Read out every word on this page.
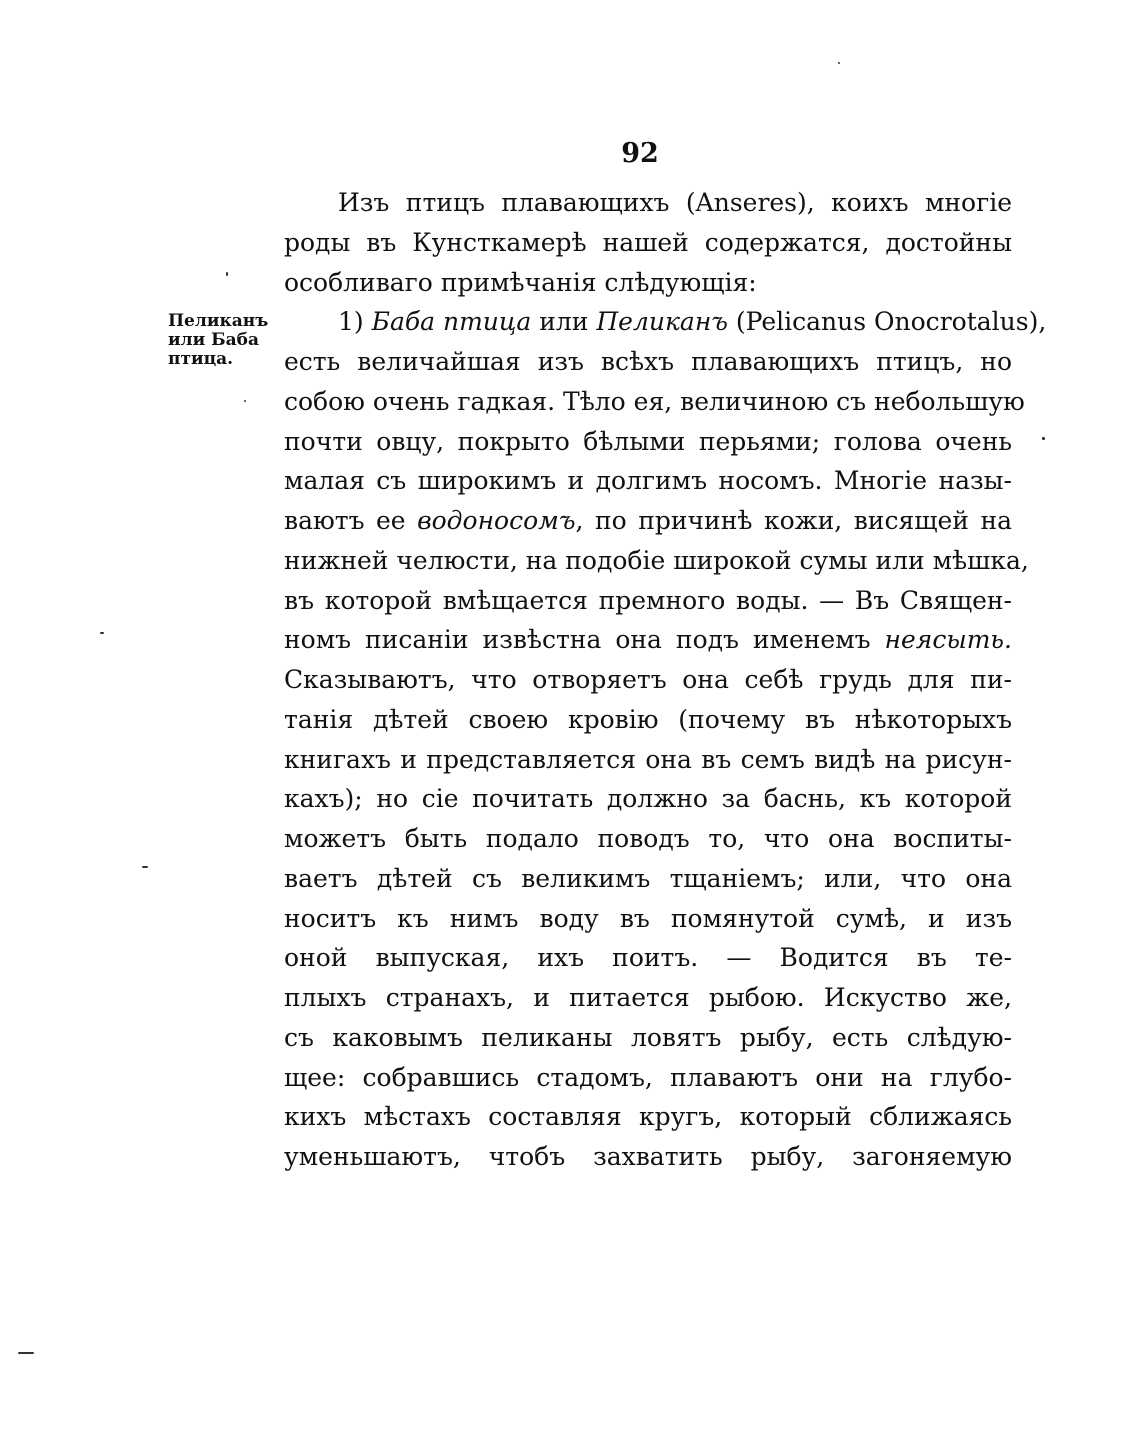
92
Пеликанъ
или Баба
птица.
Изъ птицъ плавающихъ (Anseres), коихъ многіе
роды въ Кунсткамерѣ нашей содержатся, достойны
особливаго примѣчанія слѣдующія:
1) Баба птица или Пеликанъ (Pelicanus Onocrotalus),
есть величайшая изъ всѣхъ плавающихъ птицъ, но
собою очень гадкая. Тѣло ея, величиною съ небольшую
почти овцу, покрыто бѣлыми перьями; голова очень
малая съ широкимъ и долгимъ носомъ. Многіе назы-
ваютъ ее водоносомъ, по причинѣ кожи, висящей на
нижней челюсти, на подобіе широкой сумы или мѣшка,
въ которой вмѣщается премного воды. — Въ Священ-
номъ писаніи извѣстна она подъ именемъ неясыть.
Сказываютъ, что отворяетъ она себѣ грудь для пи-
танія дѣтей своею кровію (почему въ нѣкоторыхъ
книгахъ и представляется она въ семъ видѣ на рисун-
кахъ); но сіе почитать должно за баснь, къ которой
можетъ быть подало поводъ то, что она воспиты-
ваетъ дѣтей съ великимъ тщаніемъ; или, что она
носитъ къ нимъ воду въ помянутой сумѣ, и изъ
оной выпуская, ихъ поитъ. — Водится въ те-
плыхъ странахъ, и питается рыбою. Искуство же,
съ каковымъ пеликаны ловятъ рыбу, есть слѣдую-
щее: собравшись стадомъ, плаваютъ они на глубо-
кихъ мѣстахъ составляя кругъ, который сближаясь
уменьшаютъ, чтобъ захватить рыбу, загоняемую
